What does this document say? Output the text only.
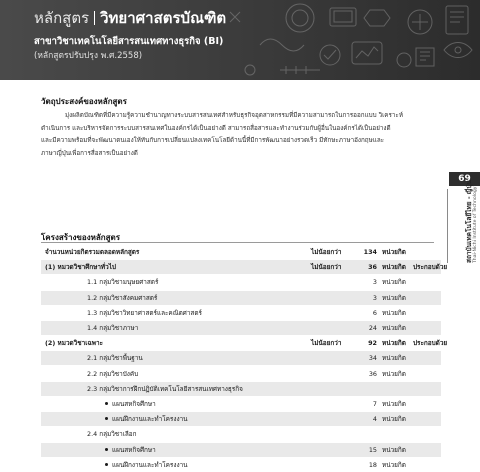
หลักสูตร วิทยาศาสตรบัณฑิต
สาขาวิชาเทคโนโลยีสารสนเทศทางธุรกิจ (BI)
(หลักสูตรปรับปรุง พ.ศ.2558)
วัตถุประสงค์ของหลักสูตร
มุ่งผลิตบัณฑิตที่มีความรู้ความชำนาญทางระบบสารสนเทศสำหรับธุรกิจอุตสาหกรรมที่มีความสามารถในการออกแบบ วิเคราะห์
ดำเนินการ และบริหารจัดการระบบสารสนเทศในองค์กรได้เป็นอย่างดี สามารถสื่อสารและทำงานร่วมกับผู้อื่นในองค์กรได้เป็นอย่างดี
และมีความพร้อมที่จะพัฒนาตนเองให้ทันกับการเปลี่ยนแปลงเทคโนโลยีด้านนี้ที่มีการพัฒนาอย่างรวดเร็ว มีทักษะภาษาอังกฤษและ
ภาษาญี่ปุ่นเพื่อการสื่อสารเป็นอย่างดี
โครงสร้างของหลักสูตร
จำนวนหน่วยกิตรวมตลอดหลักสูตร	ไม่น้อยกว่า	134 หน่วยกิต
(1) หมวดวิชาศึกษาทั่วไป	ไม่น้อยกว่า	36 หน่วยกิต ประกอบด้วย
1.1 กลุ่มวิชามนุษยศาสตร์	3 หน่วยกิต
1.2 กลุ่มวิชาสังคมศาสตร์	3 หน่วยกิต
1.3 กลุ่มวิชาวิทยาศาสตร์และคณิตศาสตร์	6 หน่วยกิต
1.4 กลุ่มวิชาภาษา	24 หน่วยกิต
(2) หมวดวิชาเฉพาะ	ไม่น้อยกว่า	92 หน่วยกิต ประกอบด้วย
2.1 กลุ่มวิชาพื้นฐาน	34 หน่วยกิต
2.2 กลุ่มวิชาบังคับ	36 หน่วยกิต
2.3 กลุ่มวิชาการฝึกปฏิบัติเทคโนโลยีสารสนเทศทางธุรกิจ
แผนสหกิจศึกษา	7 หน่วยกิต
แผนฝึกงานและทำโครงงาน	4 หน่วยกิต
2.4 กลุ่มวิชาเลือก
แผนสหกิจศึกษา	15 หน่วยกิต
แผนฝึกงานและทำโครงงาน	18 หน่วยกิต
69
สถาบันเทคโนโลยีไทย - ญี่ปุ่น Thai-Nichi Institute of Technology
